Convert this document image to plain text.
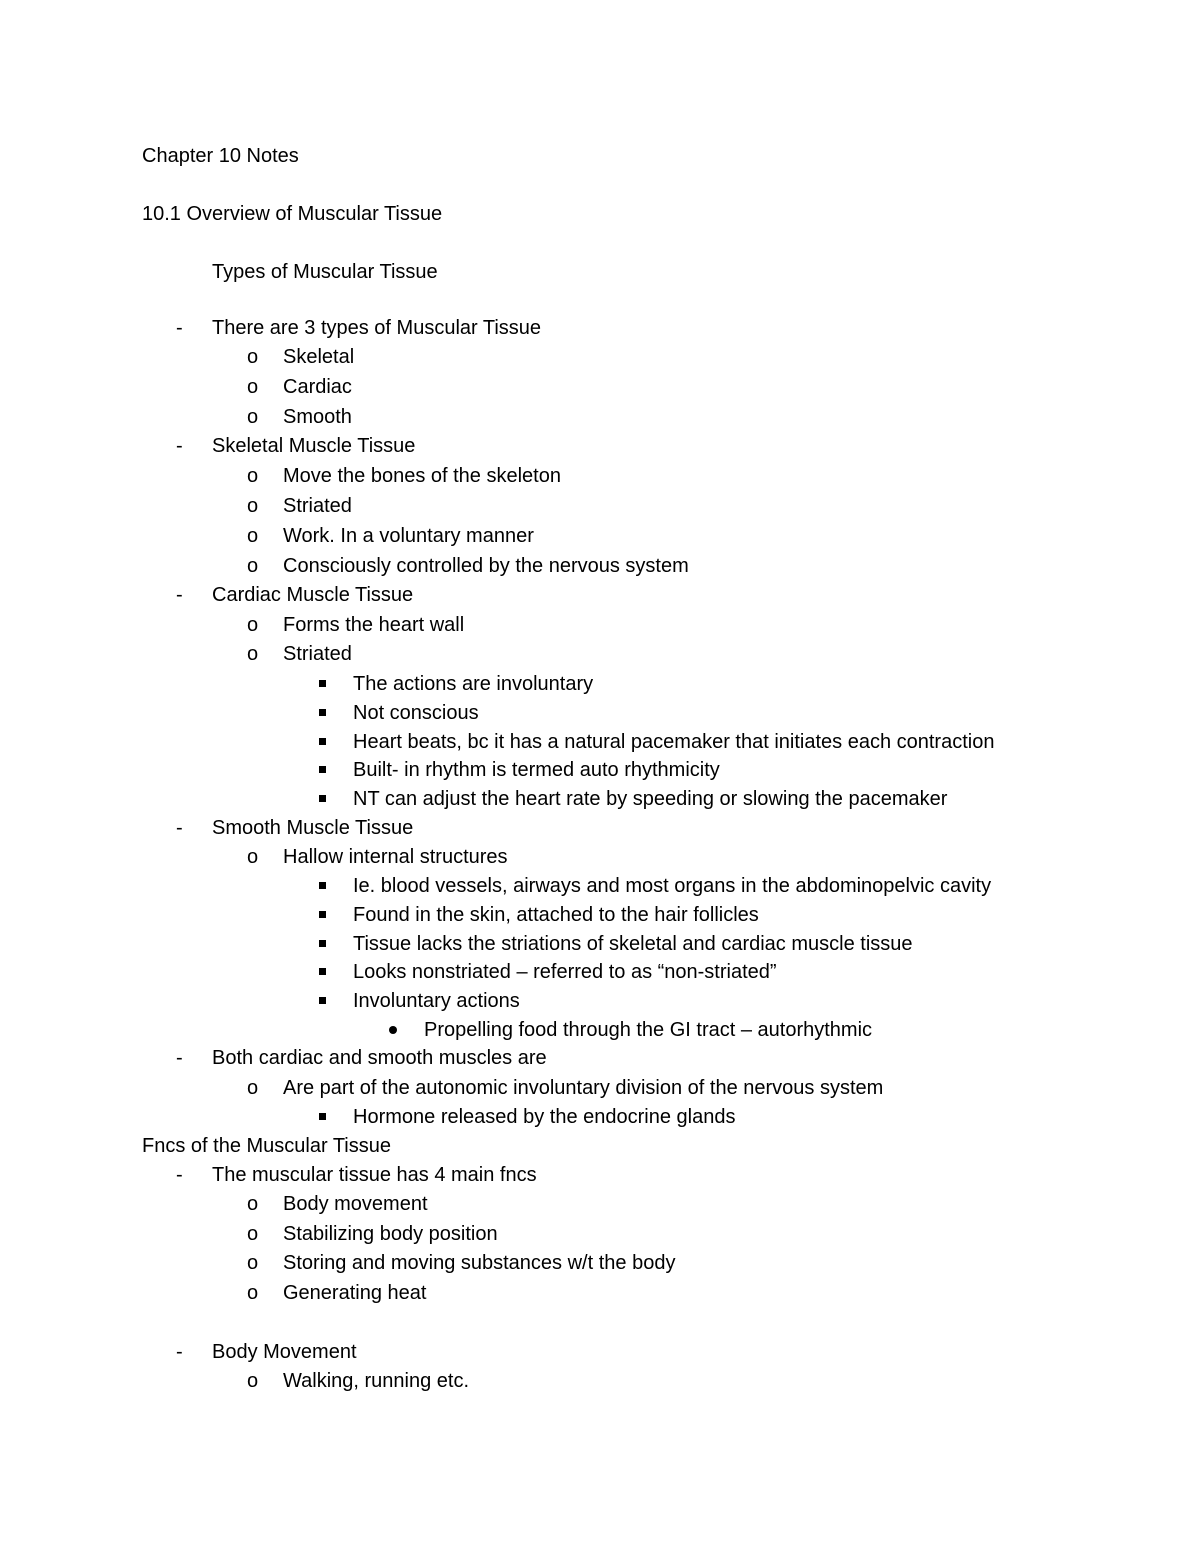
Chapter 10 Notes
10.1 Overview of Muscular Tissue
Types of Muscular Tissue
- There are 3 types of Muscular Tissue
o Skeletal
o Cardiac
o Smooth
- Skeletal Muscle Tissue
o Move the bones of the skeleton
o Striated
o Work. In a voluntary manner
o Consciously controlled by the nervous system
- Cardiac Muscle Tissue
o Forms the heart wall
o Striated
The actions are involuntary
Not conscious
Heart beats, bc it has a natural pacemaker that initiates each contraction
Built- in rhythm is termed auto rhythmicity
NT can adjust the heart rate by speeding or slowing the pacemaker
- Smooth Muscle Tissue
o Hallow internal structures
Ie. blood vessels, airways and most organs in the abdominopelvic cavity
Found in the skin, attached to the hair follicles
Tissue lacks the striations of skeletal and cardiac muscle tissue
Looks nonstriated – referred to as “non-striated”
Involuntary actions
Propelling food through the GI tract – autorhythmic
- Both cardiac and smooth muscles are
o Are part of the autonomic involuntary division of the nervous system
Hormone released by the endocrine glands
Fncs of the Muscular Tissue
- The muscular tissue has 4 main fncs
o Body movement
o Stabilizing body position
o Storing and moving substances w/t the body
o Generating heat
- Body Movement
o Walking, running etc.
